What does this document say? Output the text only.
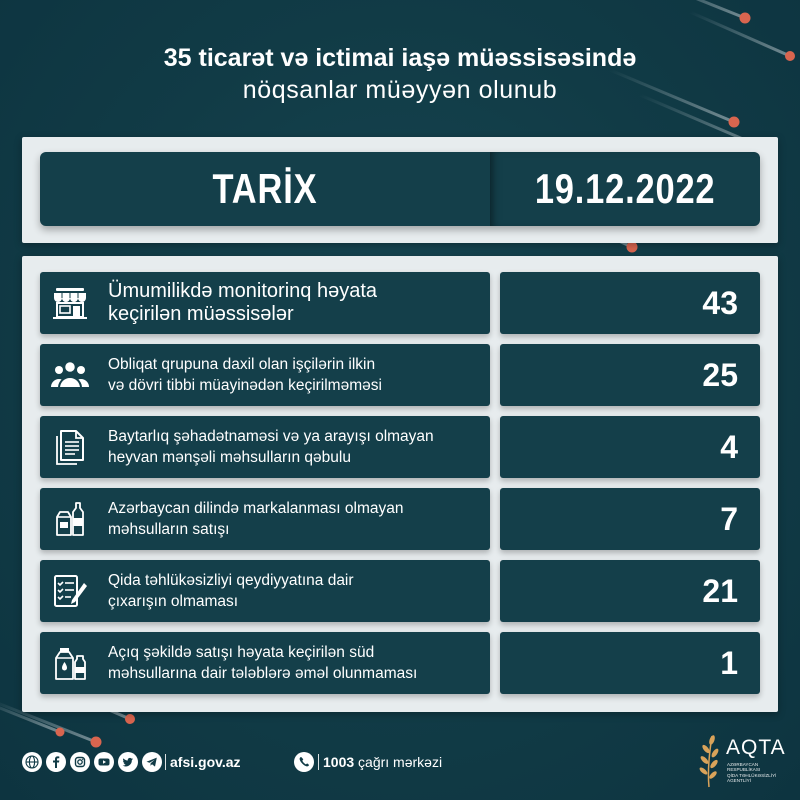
35 ticarət və ictimai iaşə müəssisəsində
nöqsanlar müəyyən olunub
TARİX	19.12.2022
Ümumilikdə monitorinq həyata
keçirilən müəssisələr	43
Obliqat qrupuna daxil olan işçilərin ilkin
və dövri tibbi müayinədən keçirilməməsi	25
Baytarlıq şəhadətnaməsi və ya arayışı olmayan
heyvan mənşəli məhsulların qəbulu	4
Azərbaycan dilində markalanması olmayan
məhsulların satışı	7
Qida təhlükəsizliyi qeydiyyatına dair
çıxarışın olmaması	21
Açıq şəkildə satışı həyata keçirilən süd
məhsullarına dair tələblərə əməl olunmaması	1
afsi.gov.az	1003 çağrı mərkəzi
AQTA
AZƏRBAYCAN
RESPUBLİKASI
QİDA TƏHLÜKƏSİZLİYİ
AGENTLİYİ
